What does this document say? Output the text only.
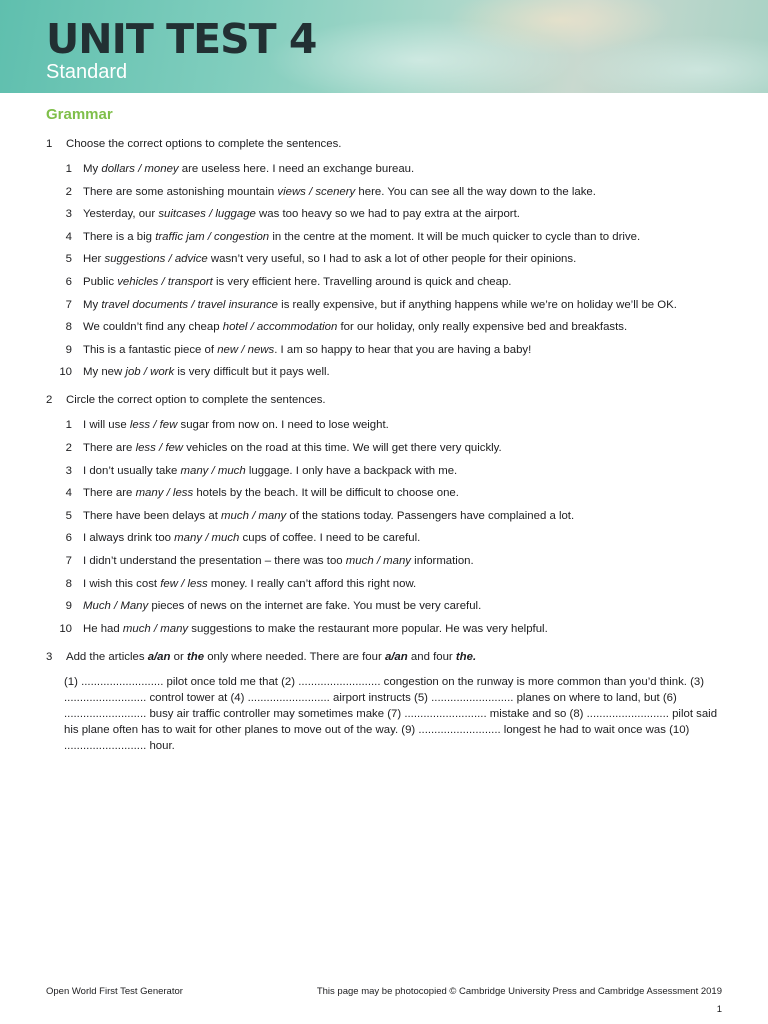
UNIT TEST 4
Standard
Grammar
1	Choose the correct options to complete the sentences.
1 My dollars / money are useless here. I need an exchange bureau.
2 There are some astonishing mountain views / scenery here. You can see all the way down to the lake.
3 Yesterday, our suitcases / luggage was too heavy so we had to pay extra at the airport.
4 There is a big traffic jam / congestion in the centre at the moment. It will be much quicker to cycle than to drive.
5 Her suggestions / advice wasn’t very useful, so I had to ask a lot of other people for their opinions.
6 Public vehicles / transport is very efficient here. Travelling around is quick and cheap.
7 My travel documents / travel insurance is really expensive, but if anything happens while we’re on holiday we’ll be OK.
8 We couldn’t find any cheap hotel / accommodation for our holiday, only really expensive bed and breakfasts.
9 This is a fantastic piece of new / news. I am so happy to hear that you are having a baby!
10 My new job / work is very difficult but it pays well.
2	Circle the correct option to complete the sentences.
1 I will use less / few sugar from now on. I need to lose weight.
2 There are less / few vehicles on the road at this time. We will get there very quickly.
3 I don’t usually take many / much luggage. I only have a backpack with me.
4 There are many / less hotels by the beach. It will be difficult to choose one.
5 There have been delays at much / many of the stations today. Passengers have complained a lot.
6 I always drink too many / much cups of coffee. I need to be careful.
7 I didn’t understand the presentation – there was too much / many information.
8 I wish this cost few / less money. I really can’t afford this right now.
9 Much / Many pieces of news on the internet are fake. You must be very careful.
10 He had much / many suggestions to make the restaurant more popular. He was very helpful.
3	Add the articles a/an or the only where needed. There are four a/an and four the.
(1) .......................... pilot once told me that (2) .......................... congestion on the runway is more common than you’d think. (3) .......................... control tower at (4) .......................... airport instructs (5) .......................... planes on where to land, but (6) .......................... busy air traffic controller may sometimes make (7) .......................... mistake and so (8) .......................... pilot said his plane often has to wait for other planes to move out of the way. (9) .......................... longest he had to wait once was (10) .......................... hour.
Open World First Test Generator	This page may be photocopied © Cambridge University Press and Cambridge Assessment 2019
1
